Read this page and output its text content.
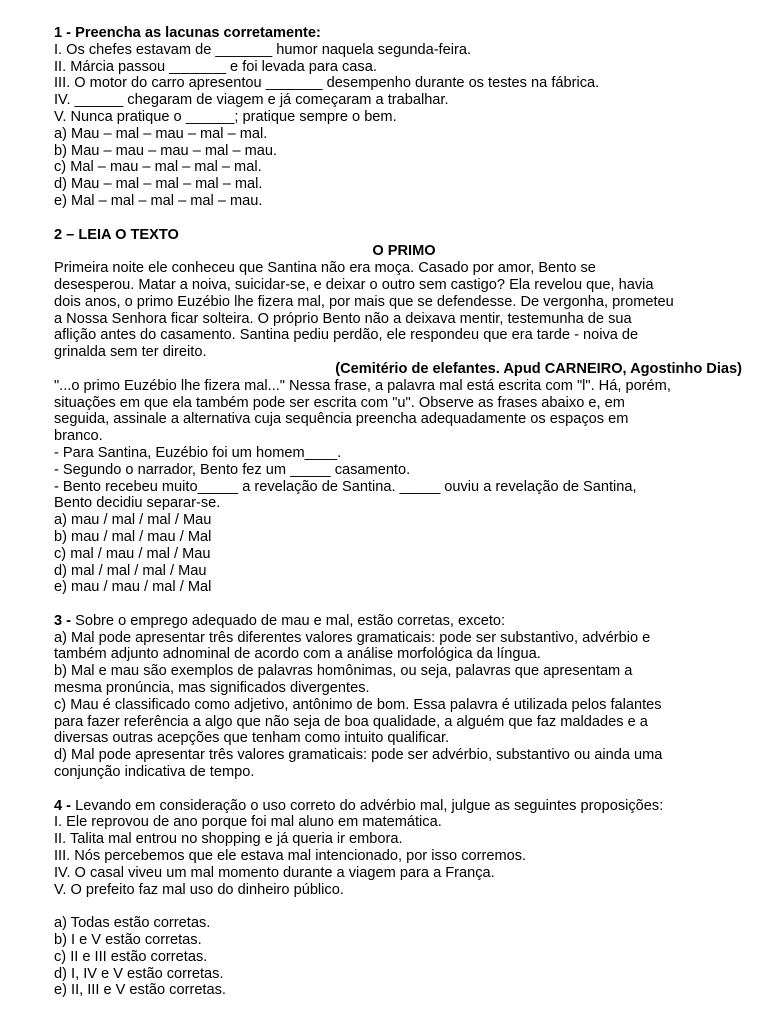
1 - Preencha as lacunas corretamente:
I. Os chefes estavam de _______ humor naquela segunda-feira.
II. Márcia passou _______ e foi levada para casa.
III. O motor do carro apresentou _______ desempenho durante os testes na fábrica.
IV. ______ chegaram de viagem e já começaram a trabalhar.
V. Nunca pratique o ______; pratique sempre o bem.
a) Mau – mal – mau – mal – mal.
b) Mau – mau – mau – mal – mau.
c) Mal – mau – mal – mal – mal.
d) Mau – mal – mal – mal – mal.
e) Mal – mal – mal – mal – mau.
2 – LEIA O TEXTO
O PRIMO
Primeira noite ele conheceu que Santina não era moça. Casado por amor, Bento se
desesperou. Matar a noiva, suicidar-se, e deixar o outro sem castigo? Ela revelou que, havia
dois anos, o primo Euzébio lhe fizera mal, por mais que se defendesse. De vergonha, prometeu
a Nossa Senhora ficar solteira. O próprio Bento não a deixava mentir, testemunha de sua
aflição antes do casamento. Santina pediu perdão, ele respondeu que era tarde - noiva de
grinalda sem ter direito.
(Cemitério de elefantes. Apud CARNEIRO, Agostinho Dias)
"...o primo Euzébio lhe fizera mal..." Nessa frase, a palavra mal está escrita com "l". Há, porém,
situações em que ela também pode ser escrita com "u". Observe as frases abaixo e, em
seguida, assinale a alternativa cuja sequência preencha adequadamente os espaços em
branco.
- Para Santina, Euzébio foi um homem____.
- Segundo o narrador, Bento fez um _____ casamento.
- Bento recebeu muito_____ a revelação de Santina. _____ ouviu a revelação de Santina,
Bento decidiu separar-se.
a) mau / mal / mal / Mau
b) mau / mal / mau / Mal
c) mal / mau / mal / Mau
d) mal / mal / mal / Mau
e) mau / mau / mal / Mal
3 - Sobre o emprego adequado de mau e mal, estão corretas, exceto:
a) Mal pode apresentar três diferentes valores gramaticais: pode ser substantivo, advérbio e
também adjunto adnominal de acordo com a análise morfológica da língua.
b) Mal e mau são exemplos de palavras homônimas, ou seja, palavras que apresentam a
mesma pronúncia, mas significados divergentes.
c) Mau é classificado como adjetivo, antônimo de bom. Essa palavra é utilizada pelos falantes
para fazer referência a algo que não seja de boa qualidade, a alguém que faz maldades e a
diversas outras acepções que tenham como intuito qualificar.
d) Mal pode apresentar três valores gramaticais: pode ser advérbio, substantivo ou ainda uma
conjunção indicativa de tempo.
4 - Levando em consideração o uso correto do advérbio mal, julgue as seguintes proposições:
I. Ele reprovou de ano porque foi mal aluno em matemática.
II. Talita mal entrou no shopping e já queria ir embora.
III. Nós percebemos que ele estava mal intencionado, por isso corremos.
IV. O casal viveu um mal momento durante a viagem para a França.
V. O prefeito faz mal uso do dinheiro público.
a) Todas estão corretas.
b) I e V estão corretas.
c) II e III estão corretas.
d) I, IV e V estão corretas.
e) II, III e V estão corretas.
